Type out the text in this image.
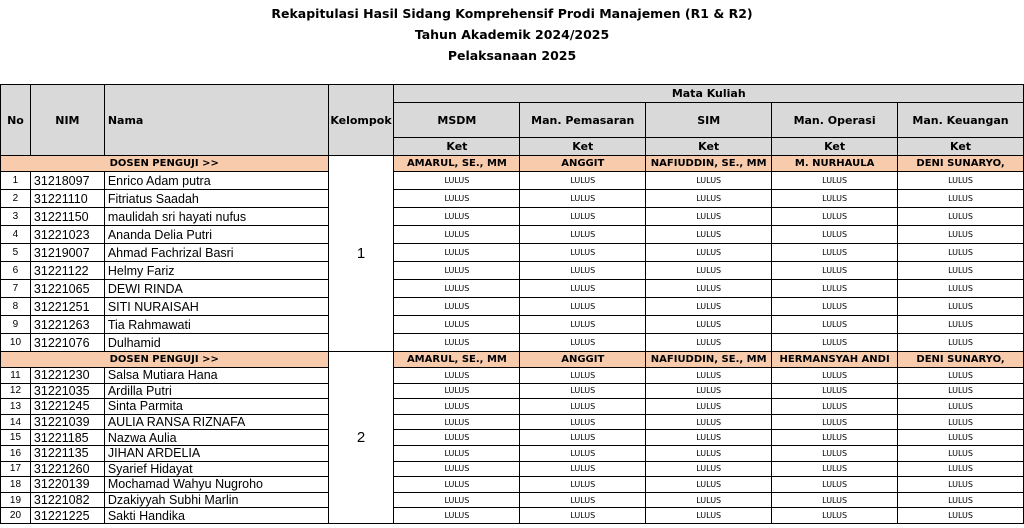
Rekapitulasi Hasil Sidang Komprehensif Prodi Manajemen (R1 & R2)
Tahun Akademik 2024/2025
Pelaksanaan 2025
No	NIM	Nama	Kelompok	Mata Kuliah				
				MSDM	Man. Pemasaran	SIM	Man. Operasi	Man. Keuangan
				Ket	Ket	Ket	Ket	Ket
DOSEN PENGUJI >>			1	AMARUL, SE., MM	ANGGIT	NAFIUDDIN, SE., MM	M. NURHAULA	DENI SUNARYO,
1	31218097	Enrico Adam putra		LULUS	LULUS	LULUS	LULUS	LULUS
2	31221110	Fitriatus Saadah		LULUS	LULUS	LULUS	LULUS	LULUS
3	31221150	maulidah sri hayati nufus		LULUS	LULUS	LULUS	LULUS	LULUS
4	31221023	Ananda Delia Putri		LULUS	LULUS	LULUS	LULUS	LULUS
5	31219007	Ahmad Fachrizal Basri		LULUS	LULUS	LULUS	LULUS	LULUS
6	31221122	Helmy Fariz		LULUS	LULUS	LULUS	LULUS	LULUS
7	31221065	DEWI RINDA		LULUS	LULUS	LULUS	LULUS	LULUS
8	31221251	SITI NURAISAH		LULUS	LULUS	LULUS	LULUS	LULUS
9	31221263	Tia Rahmawati		LULUS	LULUS	LULUS	LULUS	LULUS
10	31221076	Dulhamid		LULUS	LULUS	LULUS	LULUS	LULUS
DOSEN PENGUJI >>			2	AMARUL, SE., MM	ANGGIT	NAFIUDDIN, SE., MM	HERMANSYAH ANDI	DENI SUNARYO,
11	31221230	Salsa Mutiara Hana		LULUS	LULUS	LULUS	LULUS	LULUS
12	31221035	Ardilla Putri		LULUS	LULUS	LULUS	LULUS	LULUS
13	31221245	Sinta Parmita		LULUS	LULUS	LULUS	LULUS	LULUS
14	31221039	AULIA RANSA RIZNAFA		LULUS	LULUS	LULUS	LULUS	LULUS
15	31221185	Nazwa Aulia		LULUS	LULUS	LULUS	LULUS	LULUS
16	31221135	JIHAN ARDELIA		LULUS	LULUS	LULUS	LULUS	LULUS
17	31221260	Syarief Hidayat		LULUS	LULUS	LULUS	LULUS	LULUS
18	31220139	Mochamad Wahyu Nugroho		LULUS	LULUS	LULUS	LULUS	LULUS
19	31221082	Dzakiyyah Subhi Marlin		LULUS	LULUS	LULUS	LULUS	LULUS
20	31221225	Sakti Handika		LULUS	LULUS	LULUS	LULUS	LULUS
